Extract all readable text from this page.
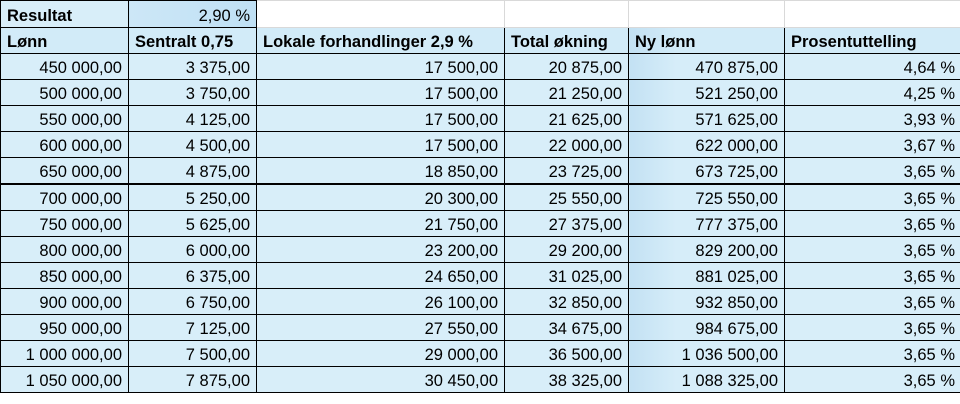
Resultat	2,90 %				
Lønn	Sentralt 0,75	Lokale forhandlinger 2,9 %	Total økning	Ny lønn	Prosentuttelling
450 000,00	3 375,00	17 500,00	20 875,00	470 875,00	4,64 %
500 000,00	3 750,00	17 500,00	21 250,00	521 250,00	4,25 %
550 000,00	4 125,00	17 500,00	21 625,00	571 625,00	3,93 %
600 000,00	4 500,00	17 500,00	22 000,00	622 000,00	3,67 %
650 000,00	4 875,00	18 850,00	23 725,00	673 725,00	3,65 %
700 000,00	5 250,00	20 300,00	25 550,00	725 550,00	3,65 %
750 000,00	5 625,00	21 750,00	27 375,00	777 375,00	3,65 %
800 000,00	6 000,00	23 200,00	29 200,00	829 200,00	3,65 %
850 000,00	6 375,00	24 650,00	31 025,00	881 025,00	3,65 %
900 000,00	6 750,00	26 100,00	32 850,00	932 850,00	3,65 %
950 000,00	7 125,00	27 550,00	34 675,00	984 675,00	3,65 %
1 000 000,00	7 500,00	29 000,00	36 500,00	1 036 500,00	3,65 %
1 050 000,00	7 875,00	30 450,00	38 325,00	1 088 325,00	3,65 %
